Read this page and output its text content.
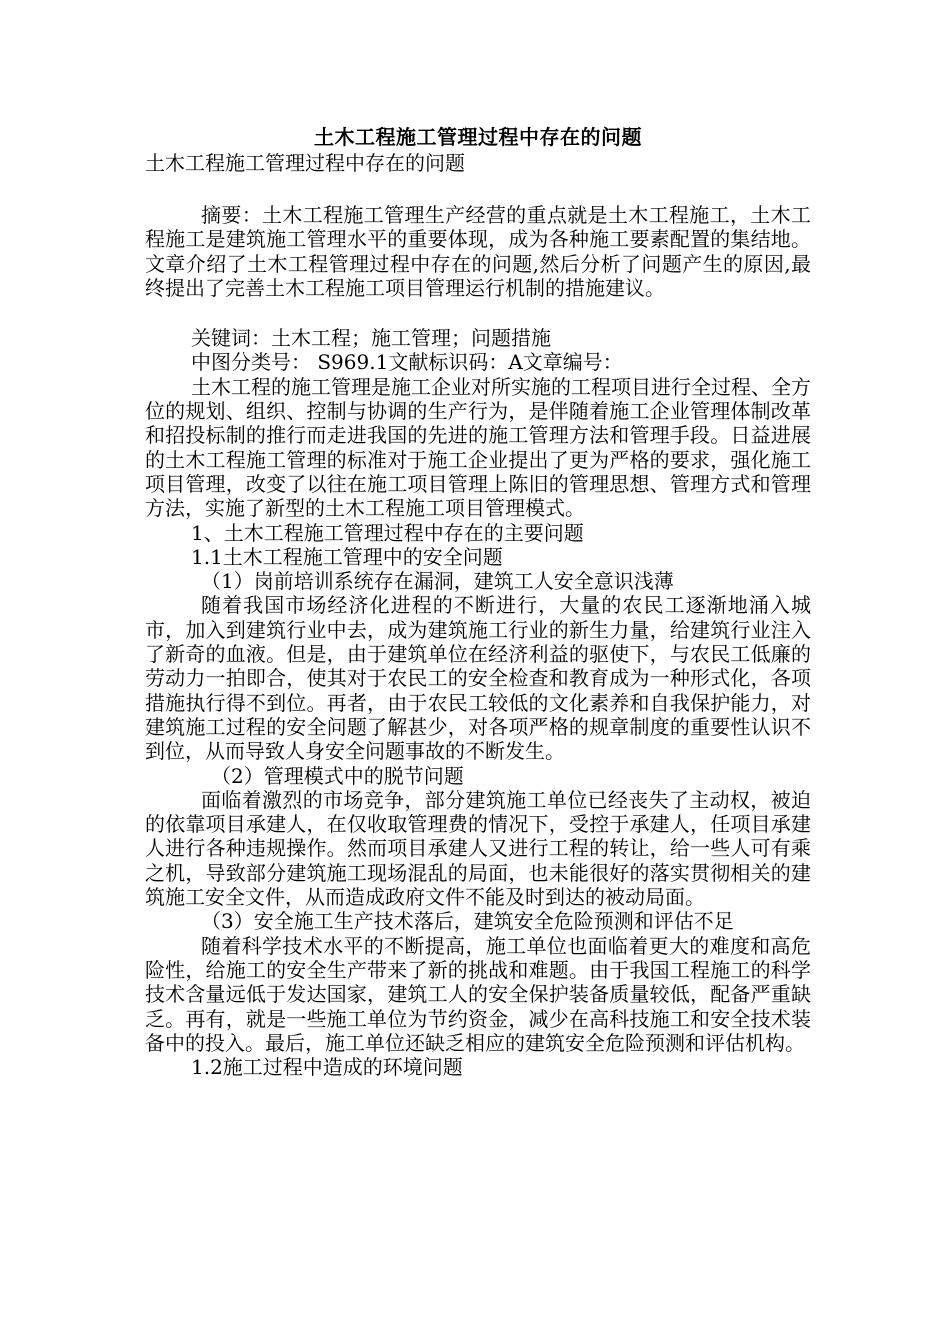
土木工程施工管理过程中存在的问题

土木工程施工管理过程中存在的问题

摘要：土木工程施工管理生产经营的重点就是土木工程施工，土木工程施工是建筑施工管理水平的重要体现，成为各种施工要素配置的集结地。文章介绍了土木工程管理过程中存在的问题,然后分析了问题产生的原因,最终提出了完善土木工程施工项目管理运行机制的措施建议。

关键词：土木工程；施工管理；问题措施

中图分类号： S969.1文献标识码：A文章编号：

土木工程的施工管理是施工企业对所实施的工程项目进行全过程、全方位的规划、组织、控制与协调的生产行为，是伴随着施工企业管理体制改革和招投标制的推行而走进我国的先进的施工管理方法和管理手段。日益进展的土木工程施工管理的标准对于施工企业提出了更为严格的要求，强化施工项目管理，改变了以往在施工项目管理上陈旧的管理思想、管理方式和管理方法，实施了新型的土木工程施工项目管理模式。

1、土木工程施工管理过程中存在的主要问题

1.1土木工程施工管理中的安全问题

（1）岗前培训系统存在漏洞，建筑工人安全意识浅薄

随着我国市场经济化进程的不断进行，大量的农民工逐渐地涌入城市，加入到建筑行业中去，成为建筑施工行业的新生力量，给建筑行业注入了新奇的血液。但是，由于建筑单位在经济利益的驱使下，与农民工低廉的劳动力一拍即合，使其对于农民工的安全检查和教育成为一种形式化，各项措施执行得不到位。再者，由于农民工较低的文化素养和自我保护能力，对建筑施工过程的安全问题了解甚少，对各项严格的规章制度的重要性认识不到位，从而导致人身安全问题事故的不断发生。

（2）管理模式中的脱节问题

面临着激烈的市场竞争，部分建筑施工单位已经丧失了主动权，被迫的依靠项目承建人，在仅收取管理费的情况下，受控于承建人，任项目承建人进行各种违规操作。然而项目承建人又进行工程的转让，给一些人可有乘之机，导致部分建筑施工现场混乱的局面，也未能很好的落实贯彻相关的建筑施工安全文件，从而造成政府文件不能及时到达的被动局面。

（3）安全施工生产技术落后，建筑安全危险预测和评估不足

随着科学技术水平的不断提高，施工单位也面临着更大的难度和高危险性，给施工的安全生产带来了新的挑战和难题。由于我国工程施工的科学技术含量远低于发达国家，建筑工人的安全保护装备质量较低，配备严重缺乏。再有，就是一些施工单位为节约资金，减少在高科技施工和安全技术装备中的投入。最后，施工单位还缺乏相应的建筑安全危险预测和评估机构。

1.2施工过程中造成的环境问题
